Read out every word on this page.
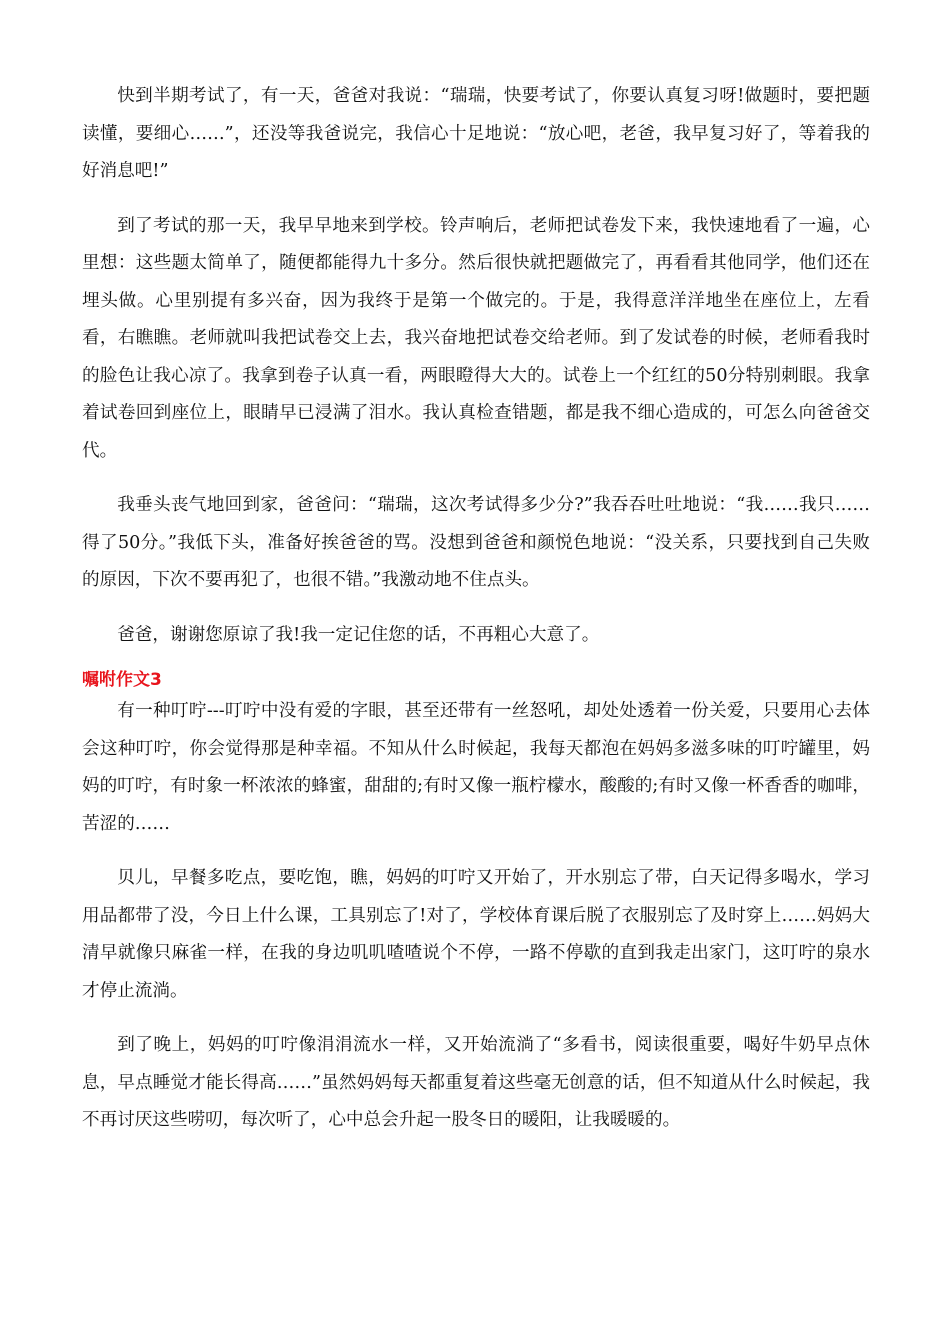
快到半期考试了，有一天，爸爸对我说：“瑞瑞，快要考试了，你要认真复习呀!做题时，要把题读懂，要细心……”，还没等我爸说完，我信心十足地说：“放心吧，老爸，我早复习好了，等着我的好消息吧!”

到了考试的那一天，我早早地来到学校。铃声响后，老师把试卷发下来，我快速地看了一遍，心里想：这些题太简单了，随便都能得九十多分。然后很快就把题做完了，再看看其他同学，他们还在埋头做。心里别提有多兴奋，因为我终于是第一个做完的。于是，我得意洋洋地坐在座位上，左看看，右瞧瞧。老师就叫我把试卷交上去，我兴奋地把试卷交给老师。到了发试卷的时候，老师看我时的脸色让我心凉了。我拿到卷子认真一看，两眼瞪得大大的。试卷上一个红红的50分特别刺眼。我拿着试卷回到座位上，眼睛早已浸满了泪水。我认真检查错题，都是我不细心造成的，可怎么向爸爸交代。

我垂头丧气地回到家，爸爸问：“瑞瑞，这次考试得多少分?”我吞吞吐吐地说：“我……我只……得了50分。”我低下头，准备好挨爸爸的骂。没想到爸爸和颜悦色地说：“没关系，只要找到自己失败的原因，下次不要再犯了，也很不错。”我激动地不住点头。

爸爸，谢谢您原谅了我!我一定记住您的话，不再粗心大意了。

嘱咐作文3

有一种叮咛---叮咛中没有爱的字眼，甚至还带有一丝怒吼，却处处透着一份关爱，只要用心去体会这种叮咛，你会觉得那是种幸福。不知从什么时候起，我每天都泡在妈妈多滋多味的叮咛罐里，妈妈的叮咛，有时象一杯浓浓的蜂蜜，甜甜的;有时又像一瓶柠檬水，酸酸的;有时又像一杯香香的咖啡，苦涩的……

贝儿，早餐多吃点，要吃饱，瞧，妈妈的叮咛又开始了，开水别忘了带，白天记得多喝水，学习用品都带了没，今日上什么课，工具别忘了!对了，学校体育课后脱了衣服别忘了及时穿上……妈妈大清早就像只麻雀一样，在我的身边叽叽喳喳说个不停，一路不停歇的直到我走出家门，这叮咛的泉水才停止流淌。

到了晚上，妈妈的叮咛像涓涓流水一样，又开始流淌了“多看书，阅读很重要，喝好牛奶早点休息，早点睡觉才能长得高……”虽然妈妈每天都重复着这些毫无创意的话，但不知道从什么时候起，我不再讨厌这些唠叨，每次听了，心中总会升起一股冬日的暖阳，让我暖暖的。
